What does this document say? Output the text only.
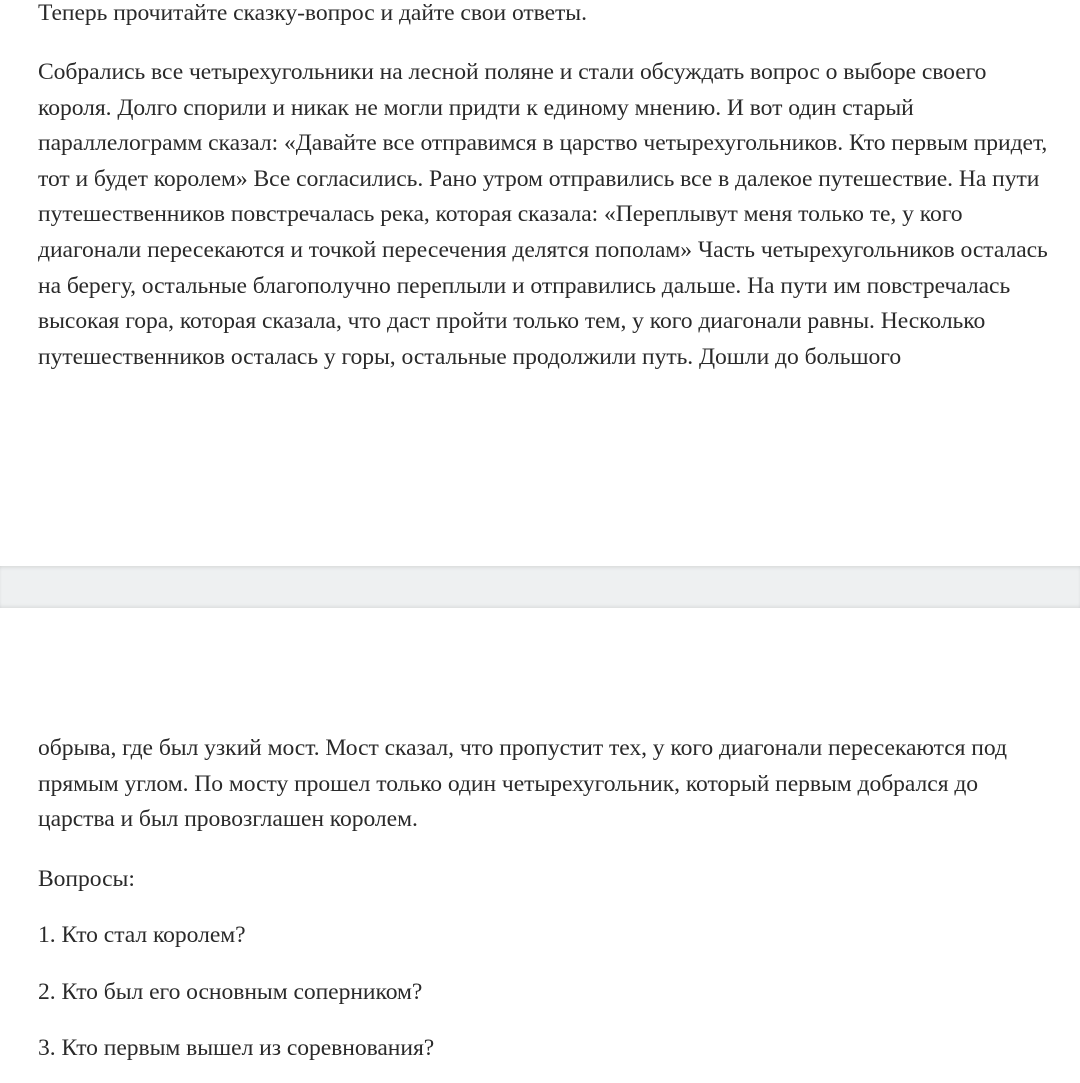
Теперь прочитайте сказку-вопрос и дайте свои ответы.

Собрались все четырехугольники на лесной поляне и стали обсуждать вопрос о выборе своего короля. Долго спорили и никак не могли придти к единому мнению. И вот один старый параллелограмм сказал: «Давайте все отправимся в царство четырехугольников. Кто первым придет, тот и будет королем» Все согласились. Рано утром отправились все в далекое путешествие. На пути путешественников повстречалась река, которая сказала: «Переплывут меня только те, у кого диагонали пересекаются и точкой пересечения делятся пополам» Часть четырехугольников осталась на берегу, остальные благополучно переплыли и отправились дальше. На пути им повстречалась высокая гора, которая сказала, что даст пройти только тем, у кого диагонали равны. Несколько путешественников осталась у горы, остальные продолжили путь. Дошли до большого

обрыва, где был узкий мост. Мост сказал, что пропустит тех, у кого диагонали пересекаются под прямым углом. По мосту прошел только один четырехугольник, который первым добрался до царства и был провозглашен королем.

Вопросы:

1. Кто стал королем?

2. Кто был его основным соперником?

3. Кто первым вышел из соревнования?
